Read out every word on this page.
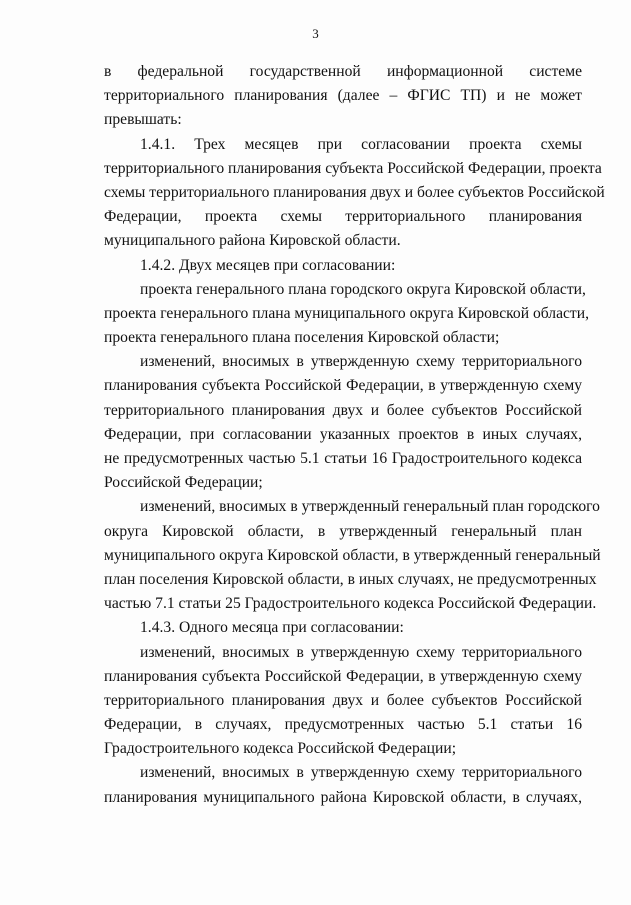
3
в федеральной государственной информационной системе
территориального планирования (далее – ФГИС ТП) и не может
превышать:
1.4.1. Трех месяцев при согласовании проекта схемы
территориального планирования субъекта Российской Федерации, проекта
схемы территориального планирования двух и более субъектов Российской
Федерации, проекта схемы территориального планирования
муниципального района Кировской области.
1.4.2. Двух месяцев при согласовании:
проекта генерального плана городского округа Кировской области,
проекта генерального плана муниципального округа Кировской области,
проекта генерального плана поселения Кировской области;
изменений, вносимых в утвержденную схему территориального
планирования субъекта Российской Федерации, в утвержденную схему
территориального планирования двух и более субъектов Российской
Федерации, при согласовании указанных проектов в иных случаях,
не предусмотренных частью 5.1 статьи 16 Градостроительного кодекса
Российской Федерации;
изменений, вносимых в утвержденный генеральный план городского
округа Кировской области, в утвержденный генеральный план
муниципального округа Кировской области, в утвержденный генеральный
план поселения Кировской области, в иных случаях, не предусмотренных
частью 7.1 статьи 25 Градостроительного кодекса Российской Федерации.
1.4.3. Одного месяца при согласовании:
изменений, вносимых в утвержденную схему территориального
планирования субъекта Российской Федерации, в утвержденную схему
территориального планирования двух и более субъектов Российской
Федерации, в случаях, предусмотренных частью 5.1 статьи 16
Градостроительного кодекса Российской Федерации;
изменений, вносимых в утвержденную схему территориального
планирования муниципального района Кировской области, в случаях,
